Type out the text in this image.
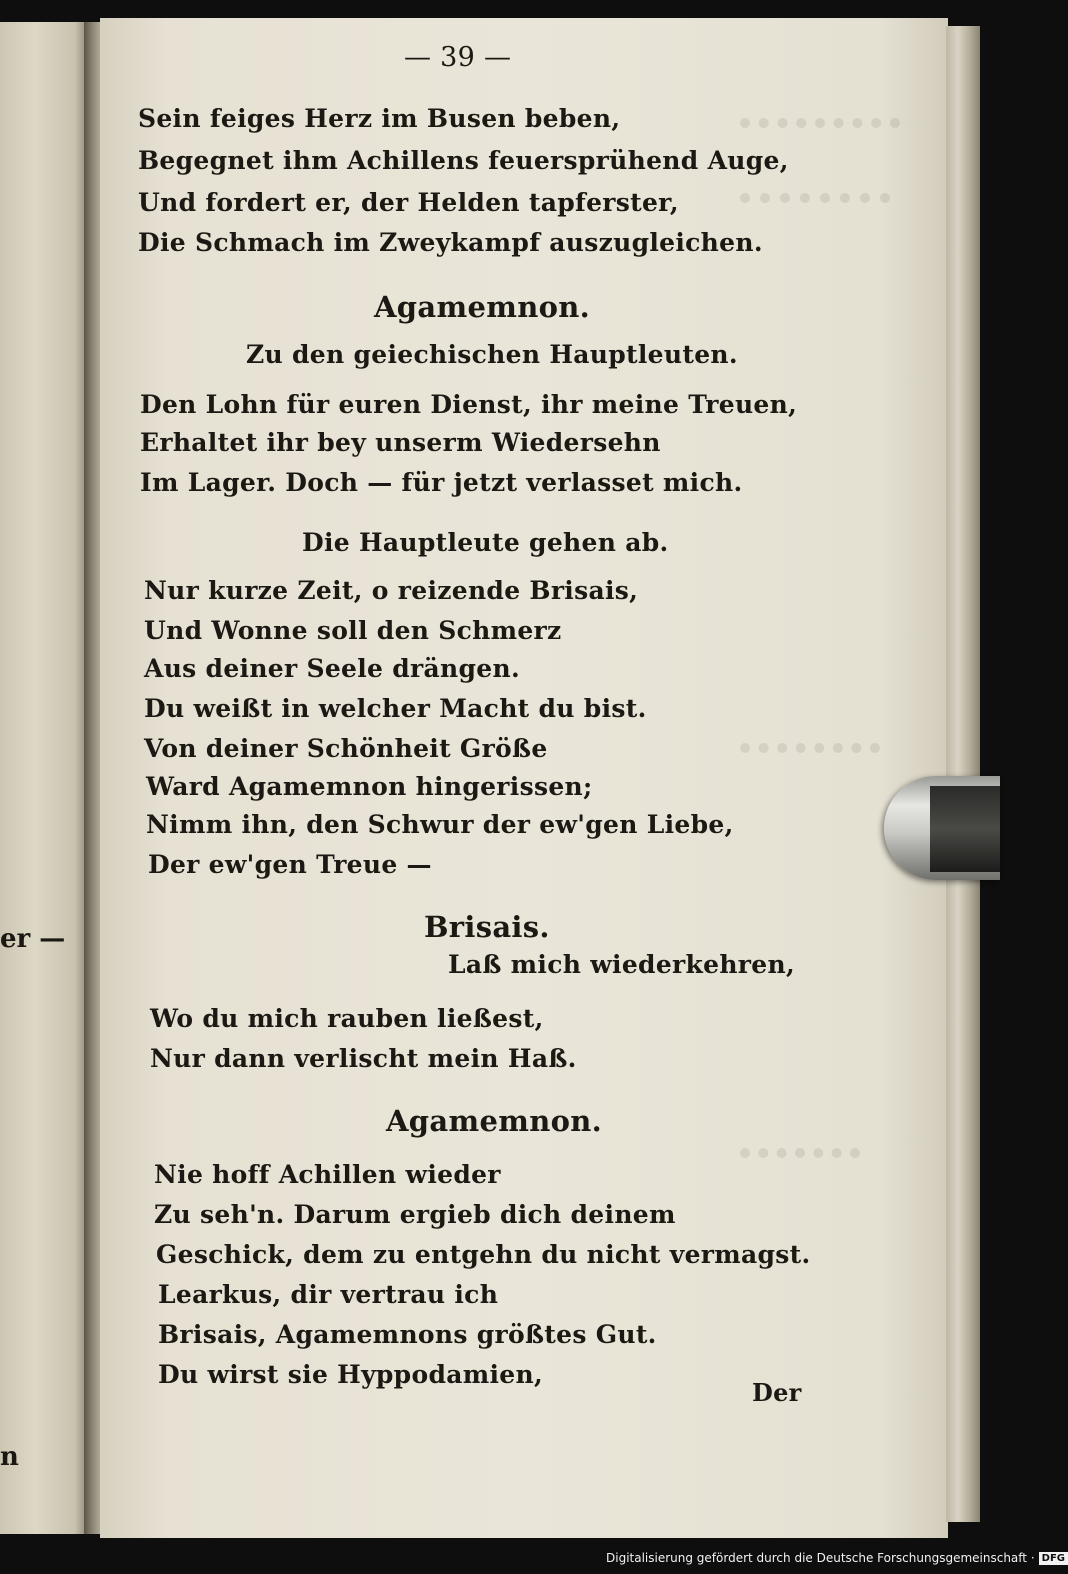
er —
n
— 39 —
Sein feiges Herz im Busen beben,
Begegnet ihm Achillens feuersprühend Auge,
Und fordert er, der Helden tapferster,
Die Schmach im Zweykampf auszugleichen.
Agamemnon.
Zu den geiechischen Hauptleuten.
Den Lohn für euren Dienst, ihr meine Treuen,
Erhaltet ihr bey unserm Wiedersehn
Im Lager. Doch — für jetzt verlasset mich.
Die Hauptleute gehen ab.
Nur kurze Zeit, o reizende Brisais,
Und Wonne soll den Schmerz
Aus deiner Seele drängen.
Du weißt in welcher Macht du bist.
Von deiner Schönheit Größe
Ward Agamemnon hingerissen;
Nimm ihn, den Schwur der ew'gen Liebe,
Der ew'gen Treue —
Brisais.
Laß mich wiederkehren,
Wo du mich rauben ließest,
Nur dann verlischt mein Haß.
Agamemnon.
Nie hoff Achillen wieder
Zu seh'n. Darum ergieb dich deinem
Geschick, dem zu entgehn du nicht vermagst.
Learkus, dir vertrau ich
Brisais, Agamemnons größtes Gut.
Du wirst sie Hyppodamien,
Der
Digitalisierung gefördert durch die Deutsche Forschungsgemeinschaft · DFG
